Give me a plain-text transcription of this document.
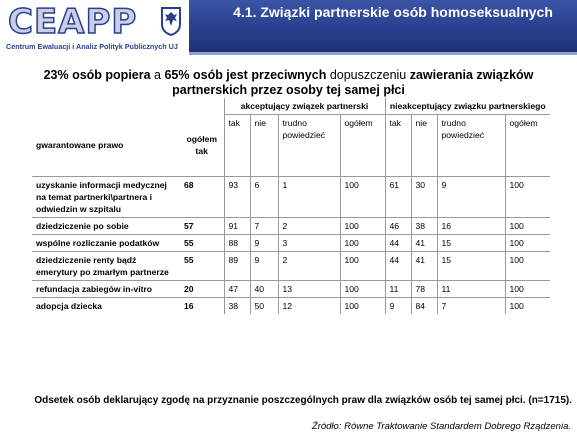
CEAPP
Centrum Ewaluacji i Analiz Polityk Publicznych UJ
4.1. Związki partnerskie osób homoseksualnych
23% osób popiera a 65% osób jest przeciwnych dopuszczeniu zawierania związków partnerskich przez osoby tej samej płci
		akceptujący związek partnerski				nieakceptujący związku partnerskiego			
gwarantowane prawo	ogółem tak	tak	nie	trudno powiedzieć	ogółem	tak	nie	trudno powiedzieć	ogółem
uzyskanie informacji medycznej na temat partnerki\partnera i odwiedzin w szpitalu	68	93	6	1	100	61	30	9	100
dziedziczenie po sobie	57	91	7	2	100	46	38	16	100
wspólne rozliczanie podatków	55	88	9	3	100	44	41	15	100
dziedziczenie renty bądź emerytury po zmarłym partnerze	55	89	9	2	100	44	41	15	100
refundacja zabiegów in-vitro	20	47	40	13	100	11	78	11	100
adopcja dziecka	16	38	50	12	100	9	84	7	100
Odsetek osób deklarujący zgodę na przyznanie poszczególnych praw dla związków osób tej samej płci. (n=1715).
Źródło: Równe Traktowanie Standardem Dobrego Rządzenia.
